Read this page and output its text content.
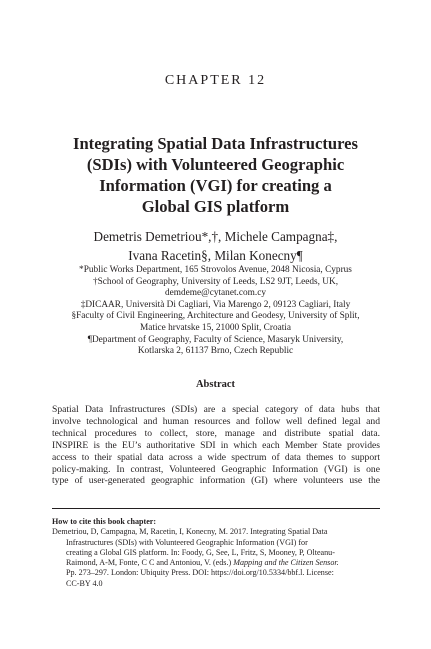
CHAPTER 12
Integrating Spatial Data Infrastructures
(SDIs) with Volunteered Geographic
Information (VGI) for creating a
Global GIS platform
Demetris Demetriou*,†, Michele Campagna‡,
Ivana Racetin§, Milan Konecny¶
*Public Works Department, 165 Strovolos Avenue, 2048 Nicosia, Cyprus
†School of Geography, University of Leeds, LS2 9JT, Leeds, UK,
demdeme@cytanet.com.cy
‡DICAAR, Università Di Cagliari, Via Marengo 2, 09123 Cagliari, Italy
§Faculty of Civil Engineering, Architecture and Geodesy, University of Split,
Matice hrvatske 15, 21000 Split, Croatia
¶Department of Geography, Faculty of Science, Masaryk University,
Kotlarska 2, 61137 Brno, Czech Republic
Abstract
Spatial Data Infrastructures (SDIs) are a special category of data hubs that
involve technological and human resources and follow well defined legal and
technical procedures to collect, store, manage and distribute spatial data.
INSPIRE is the EU’s authoritative SDI in which each Member State provides
access to their spatial data across a wide spectrum of data themes to support
policy-making. In contrast, Volunteered Geographic Information (VGI) is one
type of user-generated geographic information (GI) where volunteers use the
How to cite this book chapter:
Demetriou, D, Campagna, M, Racetin, I, Konecny, M. 2017. Integrating Spatial Data
Infrastructures (SDIs) with Volunteered Geographic Information (VGI) for
creating a Global GIS platform. In: Foody, G, See, L, Fritz, S, Mooney, P, Olteanu-
Raimond, A-M, Fonte, C C and Antoniou, V. (eds.) Mapping and the Citizen Sensor.
Pp. 273–297. London: Ubiquity Press. DOI: https://doi.org/10.5334/bbf.l. License:
CC-BY 4.0
